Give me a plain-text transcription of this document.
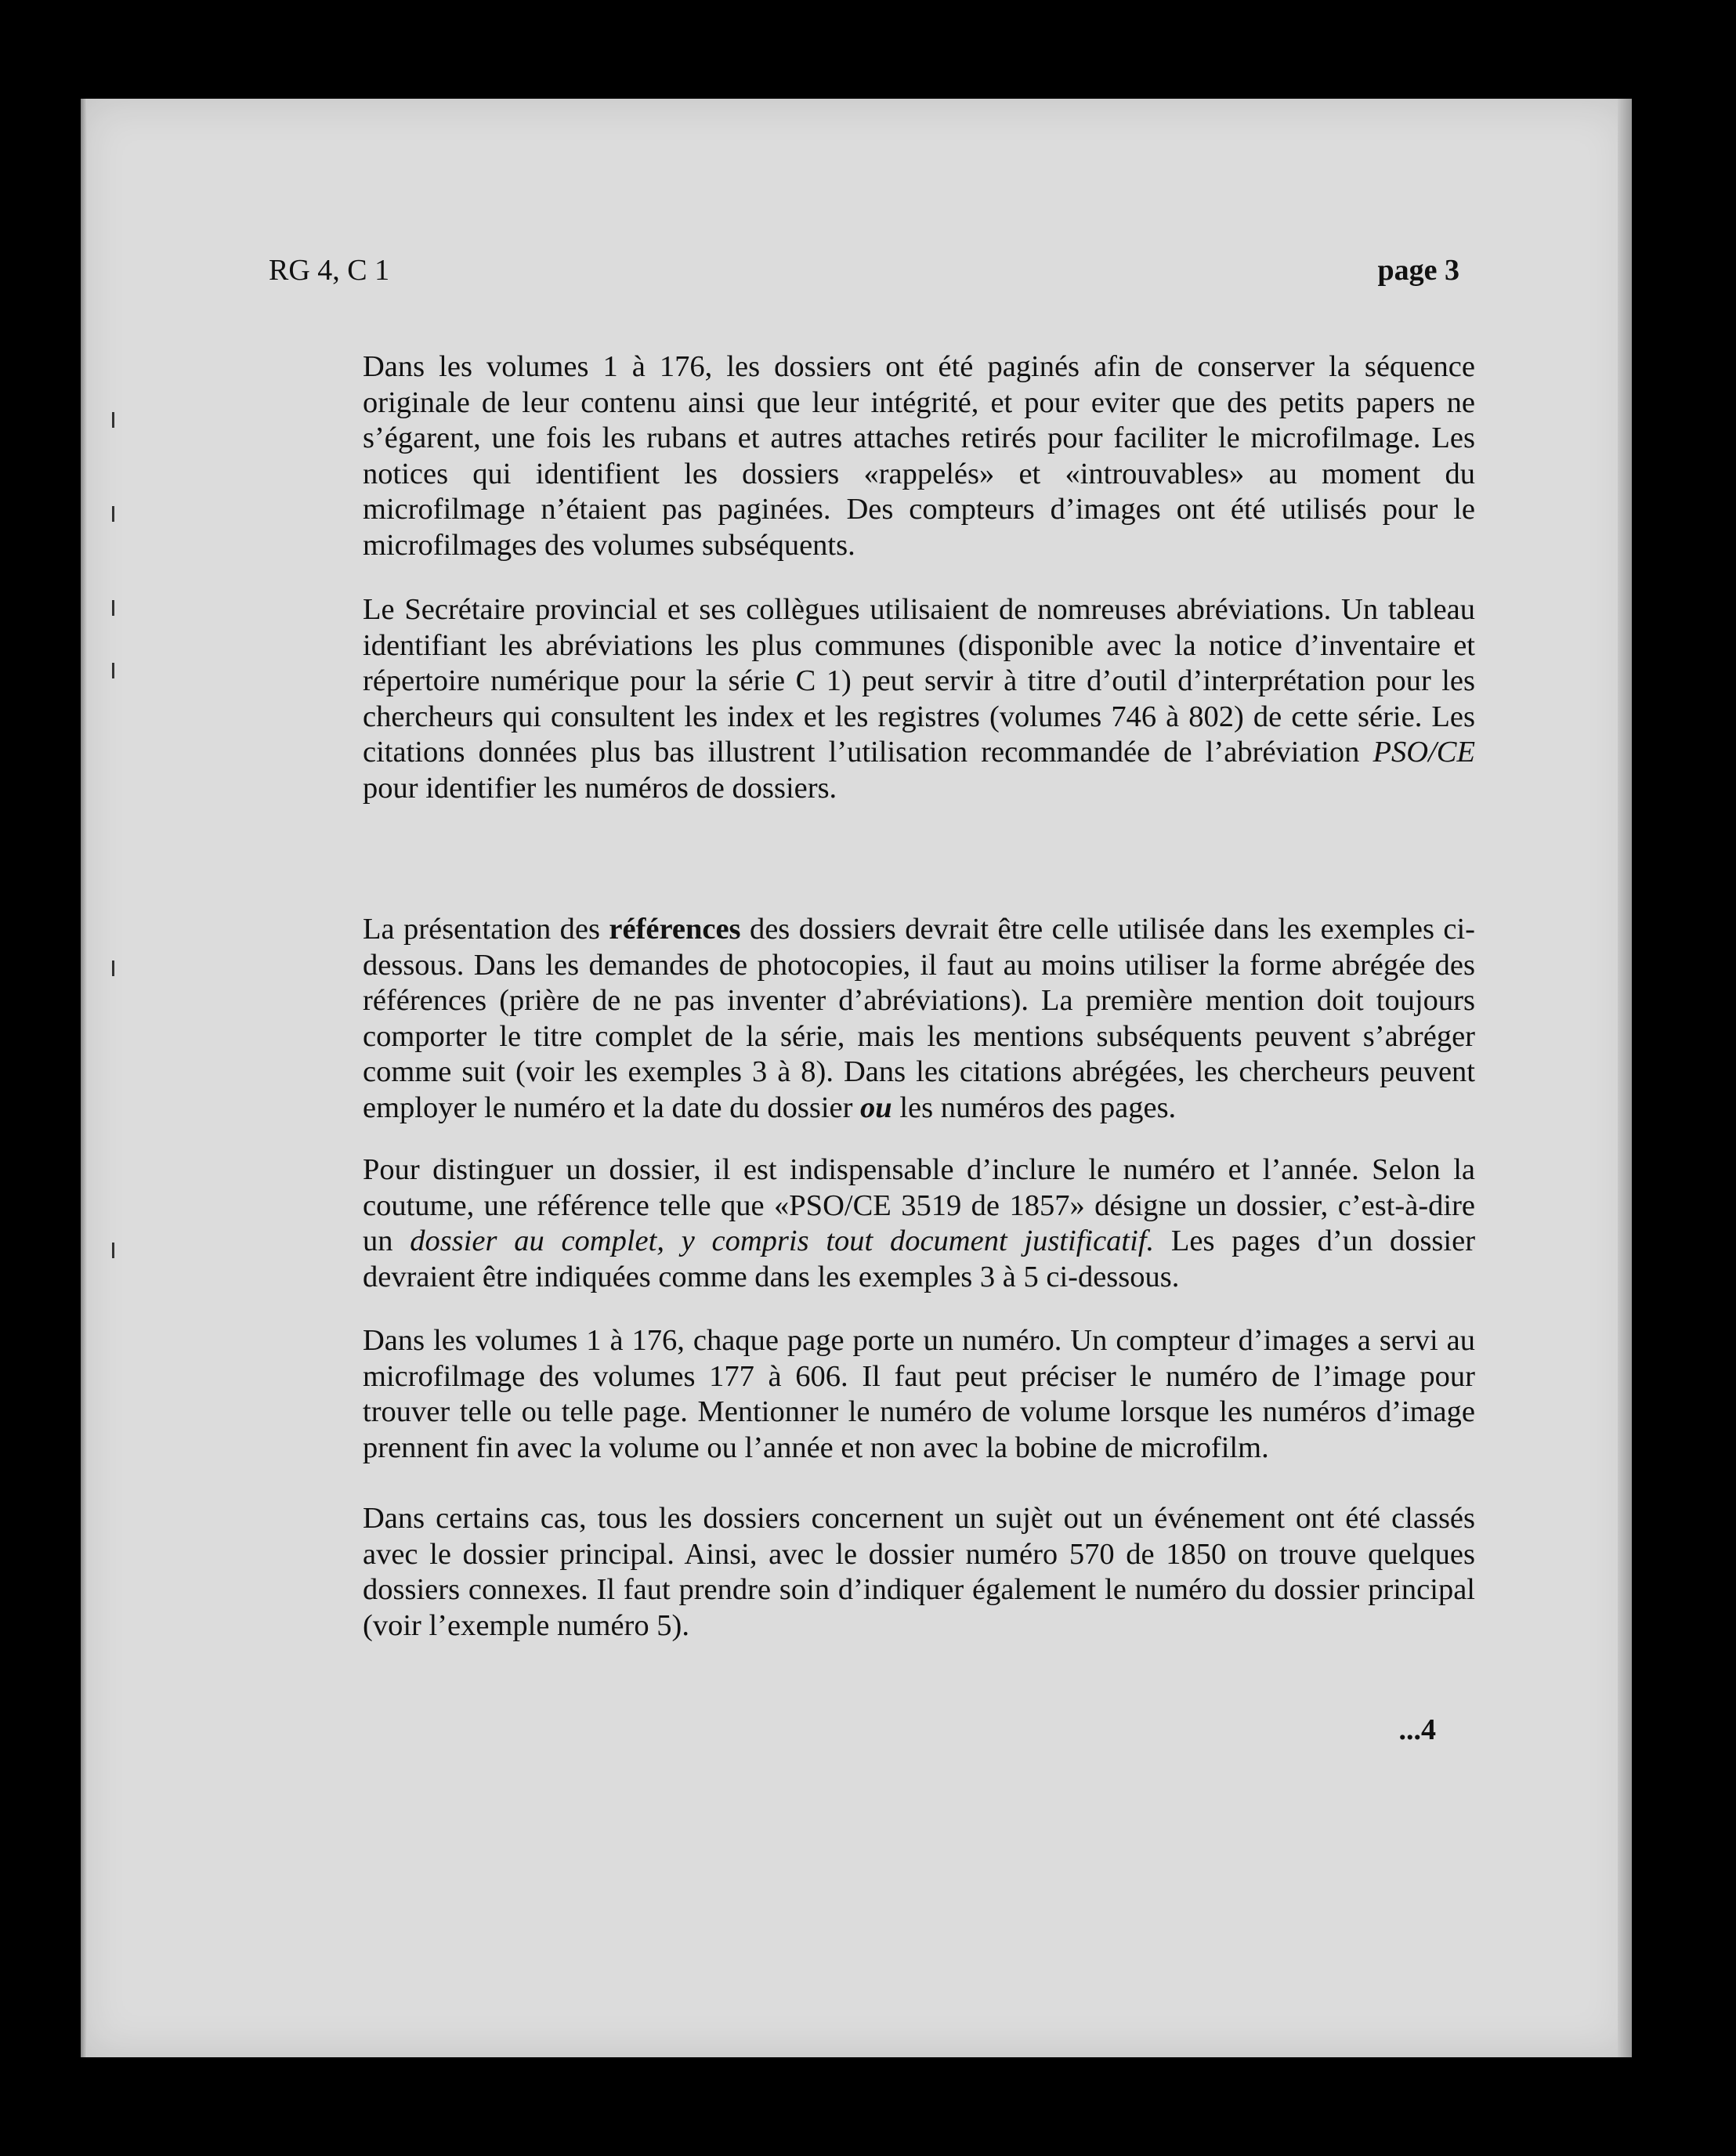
RG 4, C 1	page 3

Dans les volumes 1 à 176, les dossiers ont été paginés afin de conserver la séquence originale de leur contenu ainsi que leur intégrité, et pour eviter que des petits papers ne s’égarent, une fois les rubans et autres attaches retirés pour faciliter le microfilmage. Les notices qui identifient les dossiers «rappelés» et «introuvables» au moment du microfilmage n’étaient pas paginées. Des compteurs d’images ont été utilisés pour le microfilmages des volumes subséquents.

Le Secrétaire provincial et ses collègues utilisaient de nomreuses abréviations. Un tableau identifiant les abréviations les plus communes (disponible avec la notice d’inventaire et répertoire numérique pour la série C 1) peut servir à titre d’outil d’interprétation pour les chercheurs qui consultent les index et les registres (volumes 746 à 802) de cette série. Les citations données plus bas illustrent l’utilisation recommandée de l’abréviation PSO/CE pour identifier les numéros de dossiers.

La présentation des références des dossiers devrait être celle utilisée dans les exemples ci-dessous. Dans les demandes de photocopies, il faut au moins utiliser la forme abrégée des références (prière de ne pas inventer d’abréviations). La première mention doit toujours comporter le titre complet de la série, mais les mentions subséquents peuvent s’abréger comme suit (voir les exemples 3 à 8). Dans les citations abrégées, les chercheurs peuvent employer le numéro et la date du dossier ou les numéros des pages.

Pour distinguer un dossier, il est indispensable d’inclure le numéro et l’année. Selon la coutume, une référence telle que «PSO/CE 3519 de 1857» désigne un dossier, c’est-à-dire un dossier au complet, y compris tout document justificatif. Les pages d’un dossier devraient être indiquées comme dans les exemples 3 à 5 ci-dessous.

Dans les volumes 1 à 176, chaque page porte un numéro. Un compteur d’images a servi au microfilmage des volumes 177 à 606. Il faut peut préciser le numéro de l’image pour trouver telle ou telle page. Mentionner le numéro de volume lorsque les numéros d’image prennent fin avec la volume ou l’année et non avec la bobine de microfilm.

Dans certains cas, tous les dossiers concernent un sujèt out un événement ont été classés avec le dossier principal. Ainsi, avec le dossier numéro 570 de 1850 on trouve quelques dossiers connexes. Il faut prendre soin d’indiquer également le numéro du dossier principal (voir l’exemple numéro 5).

...4
